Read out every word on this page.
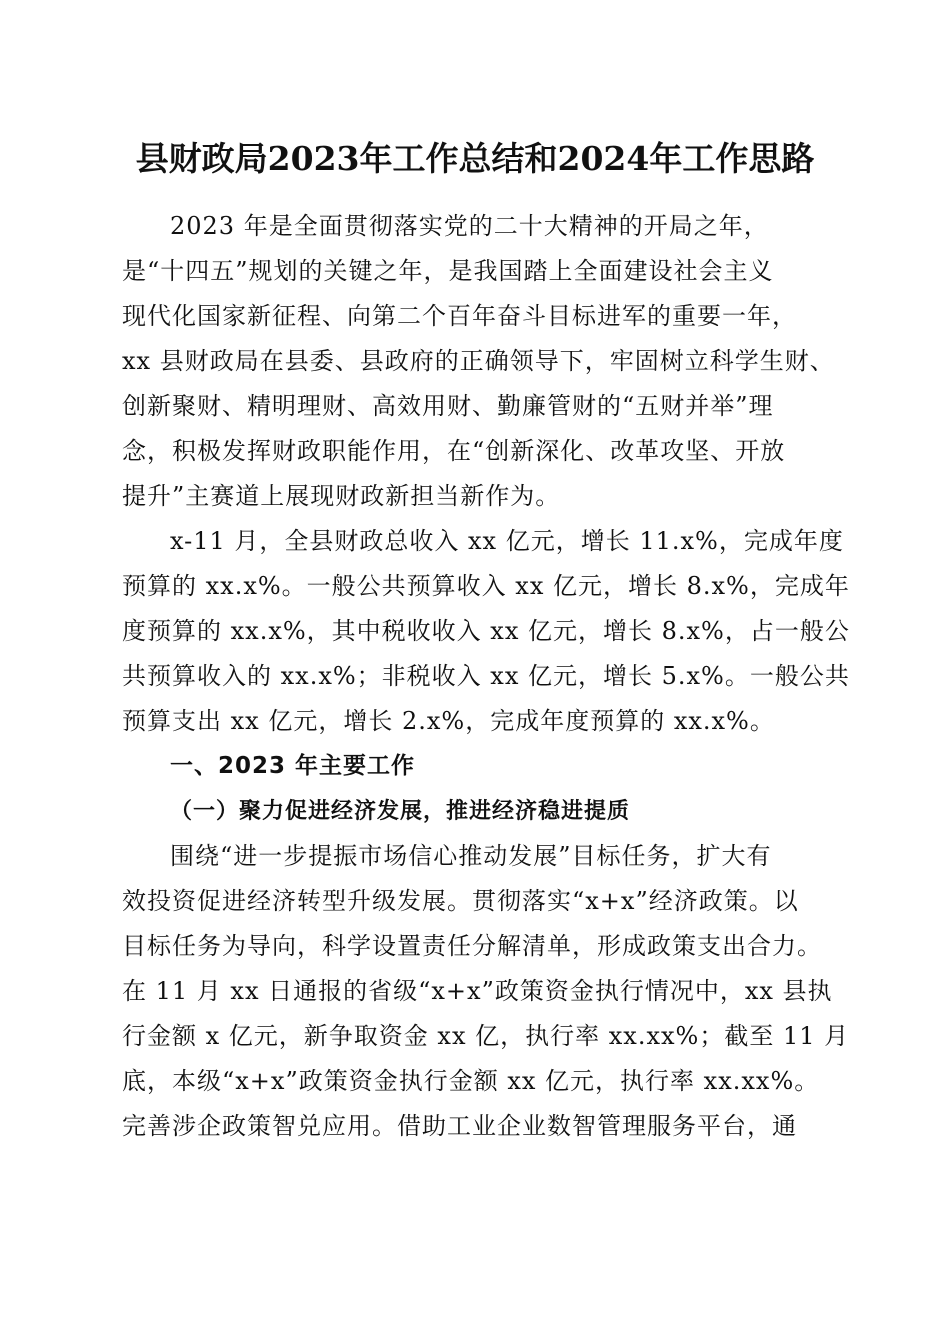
县财政局2023年工作总结和2024年工作思路
2023 年是全面贯彻落实党的二十大精神的开局之年，
是“十四五”规划的关键之年，是我国踏上全面建设社会主义
现代化国家新征程、向第二个百年奋斗目标进军的重要一年，
xx 县财政局在县委、县政府的正确领导下，牢固树立科学生财、
创新聚财、精明理财、高效用财、勤廉管财的“五财并举”理
念，积极发挥财政职能作用，在“创新深化、改革攻坚、开放
提升”主赛道上展现财政新担当新作为。
x-11 月，全县财政总收入 xx 亿元，增长 11.x%，完成年度
预算的 xx.x%。一般公共预算收入 xx 亿元，增长 8.x%，完成年
度预算的 xx.x%，其中税收收入 xx 亿元，增长 8.x%，占一般公
共预算收入的 xx.x%；非税收入 xx 亿元，增长 5.x%。一般公共
预算支出 xx 亿元，增长 2.x%，完成年度预算的 xx.x%。
一、2023 年主要工作
（一）聚力促进经济发展，推进经济稳进提质
围绕“进一步提振市场信心推动发展”目标任务，扩大有
效投资促进经济转型升级发展。贯彻落实“x+x”经济政策。以
目标任务为导向，科学设置责任分解清单，形成政策支出合力。
在 11 月 xx 日通报的省级“x+x”政策资金执行情况中，xx 县执
行金额 x 亿元，新争取资金 xx 亿，执行率 xx.xx%；截至 11 月
底，本级“x+x”政策资金执行金额 xx 亿元，执行率 xx.xx%。
完善涉企政策智兑应用。借助工业企业数智管理服务平台，通
